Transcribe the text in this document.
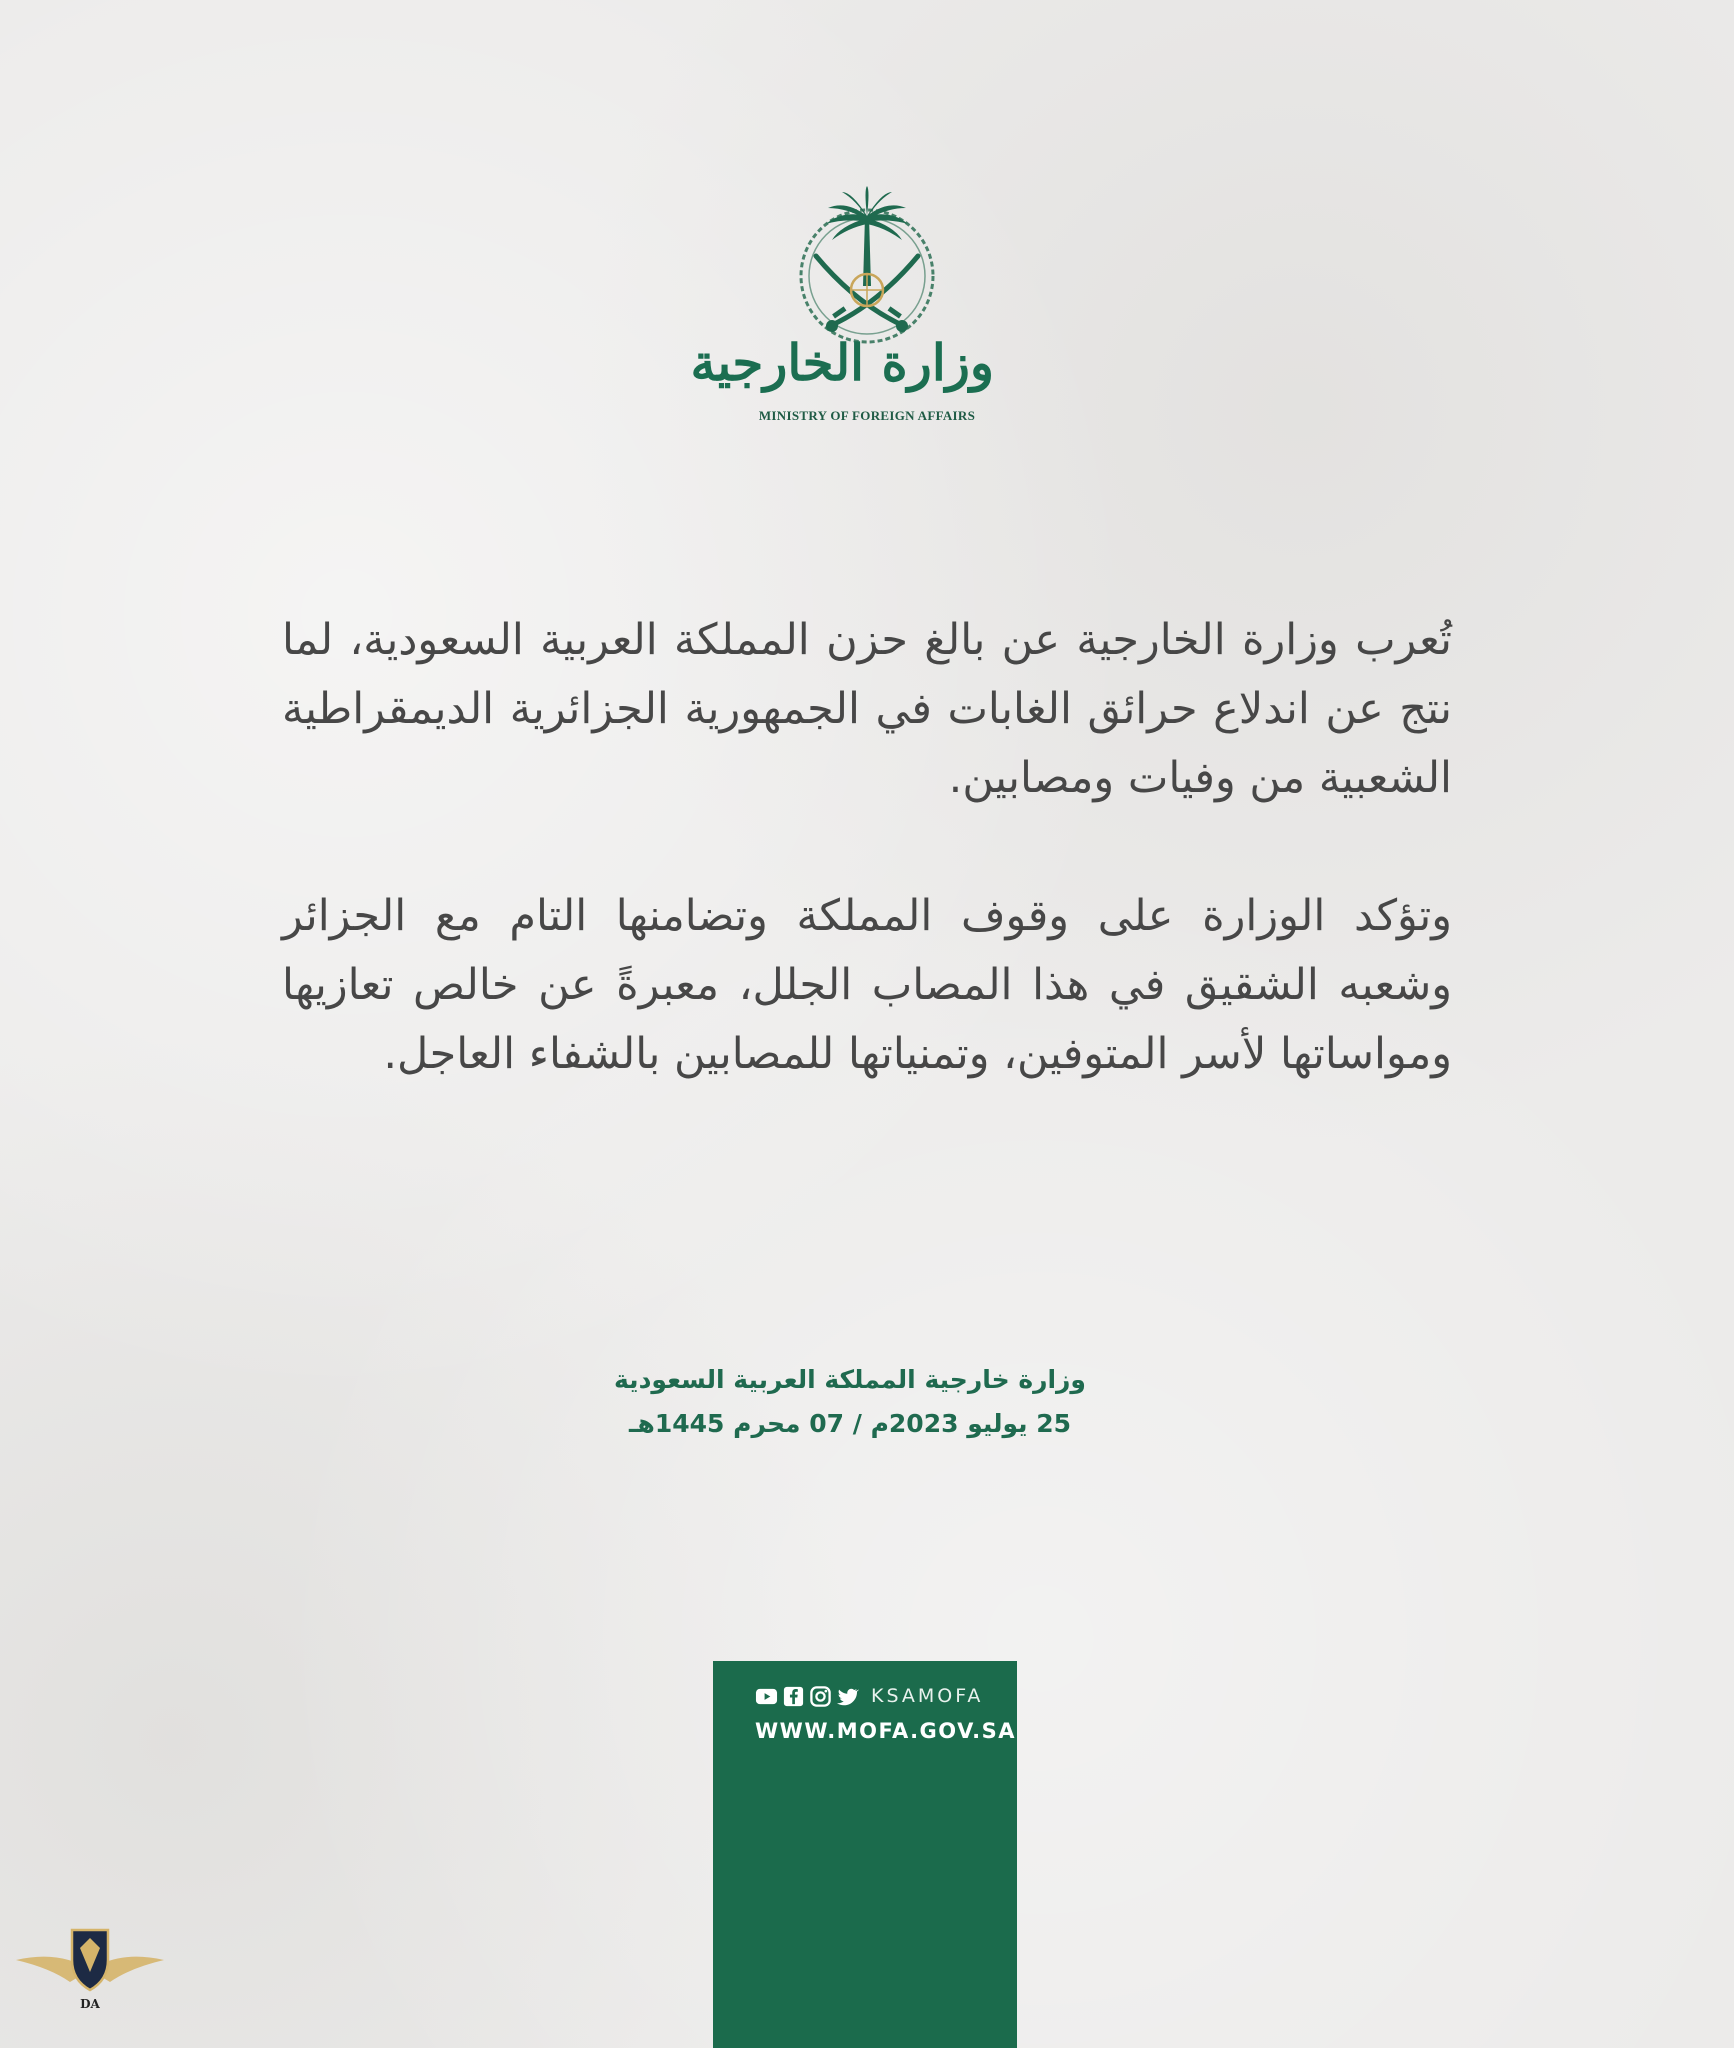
وزارة الخارجية
MINISTRY OF FOREIGN AFFAIRS

تُعرب وزارة الخارجية عن بالغ حزن المملكة العربية السعودية، لما نتج عن اندلاع حرائق الغابات في الجمهورية الجزائرية الديمقراطية الشعبية من وفيات ومصابين.

وتؤكد الوزارة على وقوف المملكة وتضامنها التام مع الجزائر وشعبه الشقيق في هذا المصاب الجلل، معبرةً عن خالص تعازيها ومواساتها لأسر المتوفين، وتمنياتها للمصابين بالشفاء العاجل.

وزارة خارجية المملكة العربية السعودية
25 يوليو 2023م / 07 محرم 1445هـ
KSAMOFA
WWW.MOFA.GOV.SA
DA
